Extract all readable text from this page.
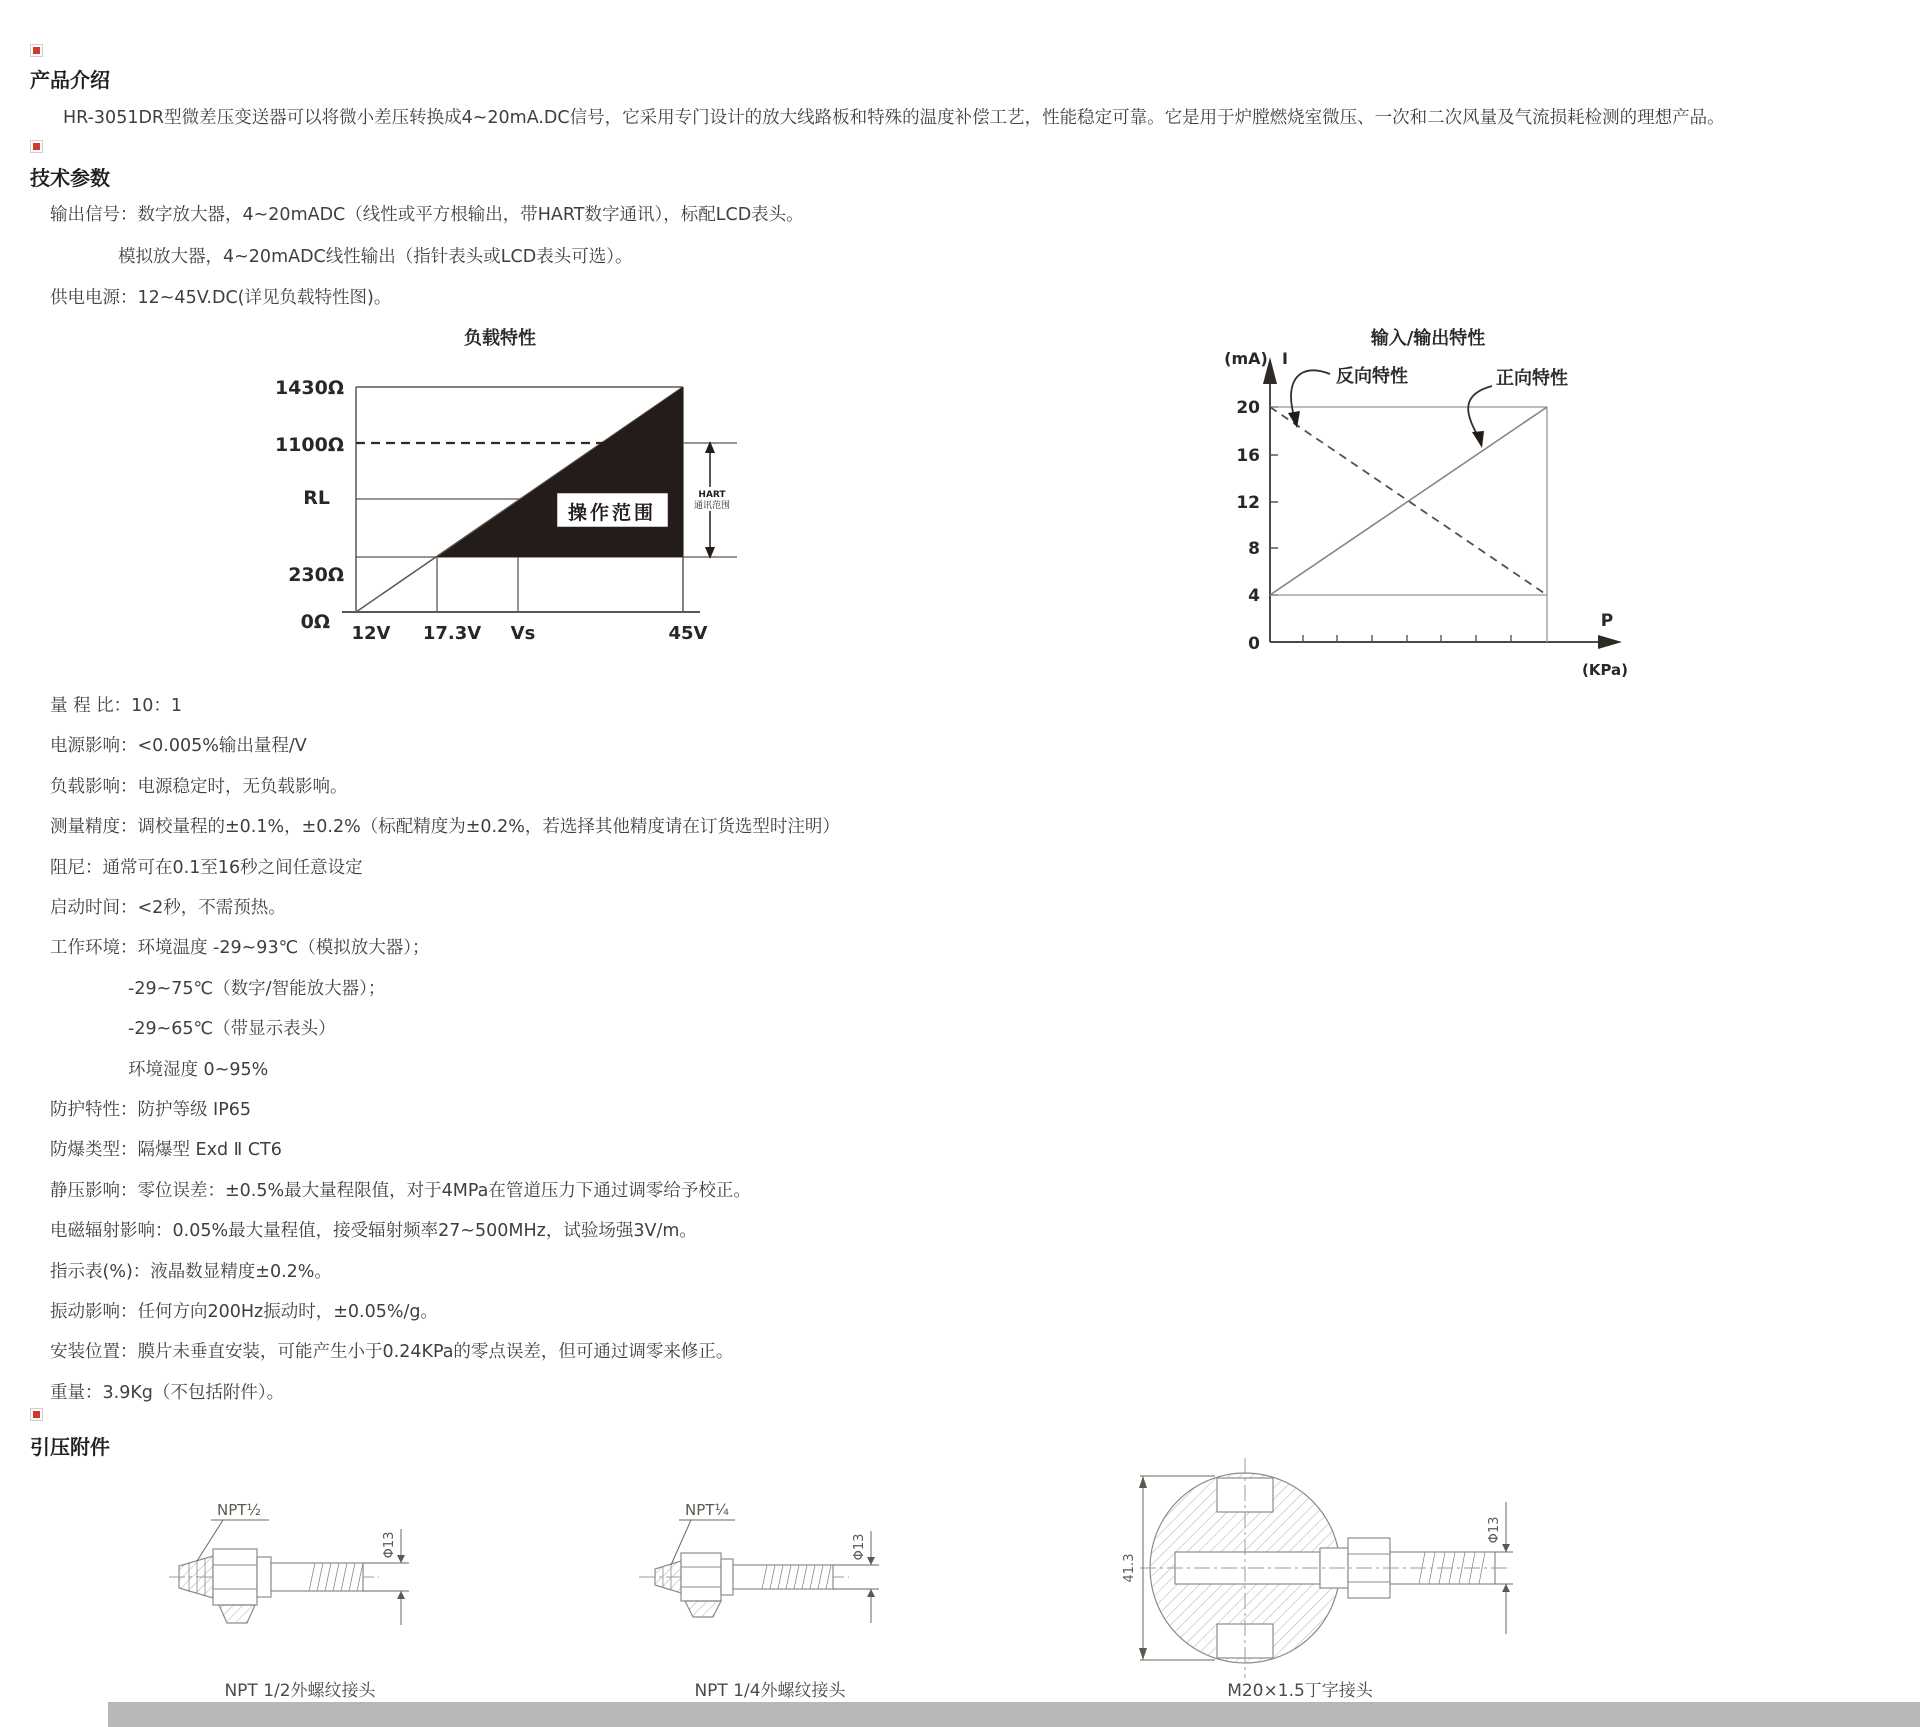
产品介绍
HR-3051DR型微差压变送器可以将微小差压转换成4~20mA.DC信号，它采用专门设计的放大线路板和特殊的温度补偿工艺，性能稳定可靠。它是用于炉膛燃烧室微压、一次和二次风量及气流损耗检测的理想产品。
技术参数
输出信号：数字放大器，4~20mADC（线性或平方根输出，带HART数字通讯），标配LCD表头。
模拟放大器，4~20mADC线性输出（指针表头或LCD表头可选）。
供电电源：12~45V.DC(详见负载特性图)。
负载特性
1430Ω
1100Ω
RL
230Ω
0Ω
操作范围
HART
通讯范围
12V 17.3V Vs	45V
输入/输出特性
(mA) I
20
16
12
8
4
0
反向特性	正向特性
P
(KPa)
量 程 比：10：1
电源影响：<0.005%输出量程/V
负载影响：电源稳定时，无负载影响。
测量精度：调校量程的±0.1%，±0.2%（标配精度为±0.2%，若选择其他精度请在订货选型时注明）
阻尼：通常可在0.1至16秒之间任意设定
启动时间：<2秒，不需预热。
工作环境：环境温度 -29~93℃（模拟放大器）；
-29~75℃（数字/智能放大器）；
-29~65℃（带显示表头）
环境湿度 0~95%
防护特性：防护等级 IP65
防爆类型：隔爆型 Exd Ⅱ CT6
静压影响：零位误差：±0.5%最大量程限值，对于4MPa在管道压力下通过调零给予校正。
电磁辐射影响：0.05%最大量程值，接受辐射频率27~500MHz，试验场强3V/m。
指示表(%)：液晶数显精度±0.2%。
振动影响：任何方向200Hz振动时，±0.05%/g。
安装位置：膜片未垂直安装，可能产生小于0.24KPa的零点误差，但可通过调零来修正。
重量：3.9Kg（不包括附件）。
引压附件
NPT½
Φ13
NPT¼
Φ13
41.3
Φ13
NPT 1/2外螺纹接头	NPT 1/4外螺纹接头	M20×1.5丁字接头
